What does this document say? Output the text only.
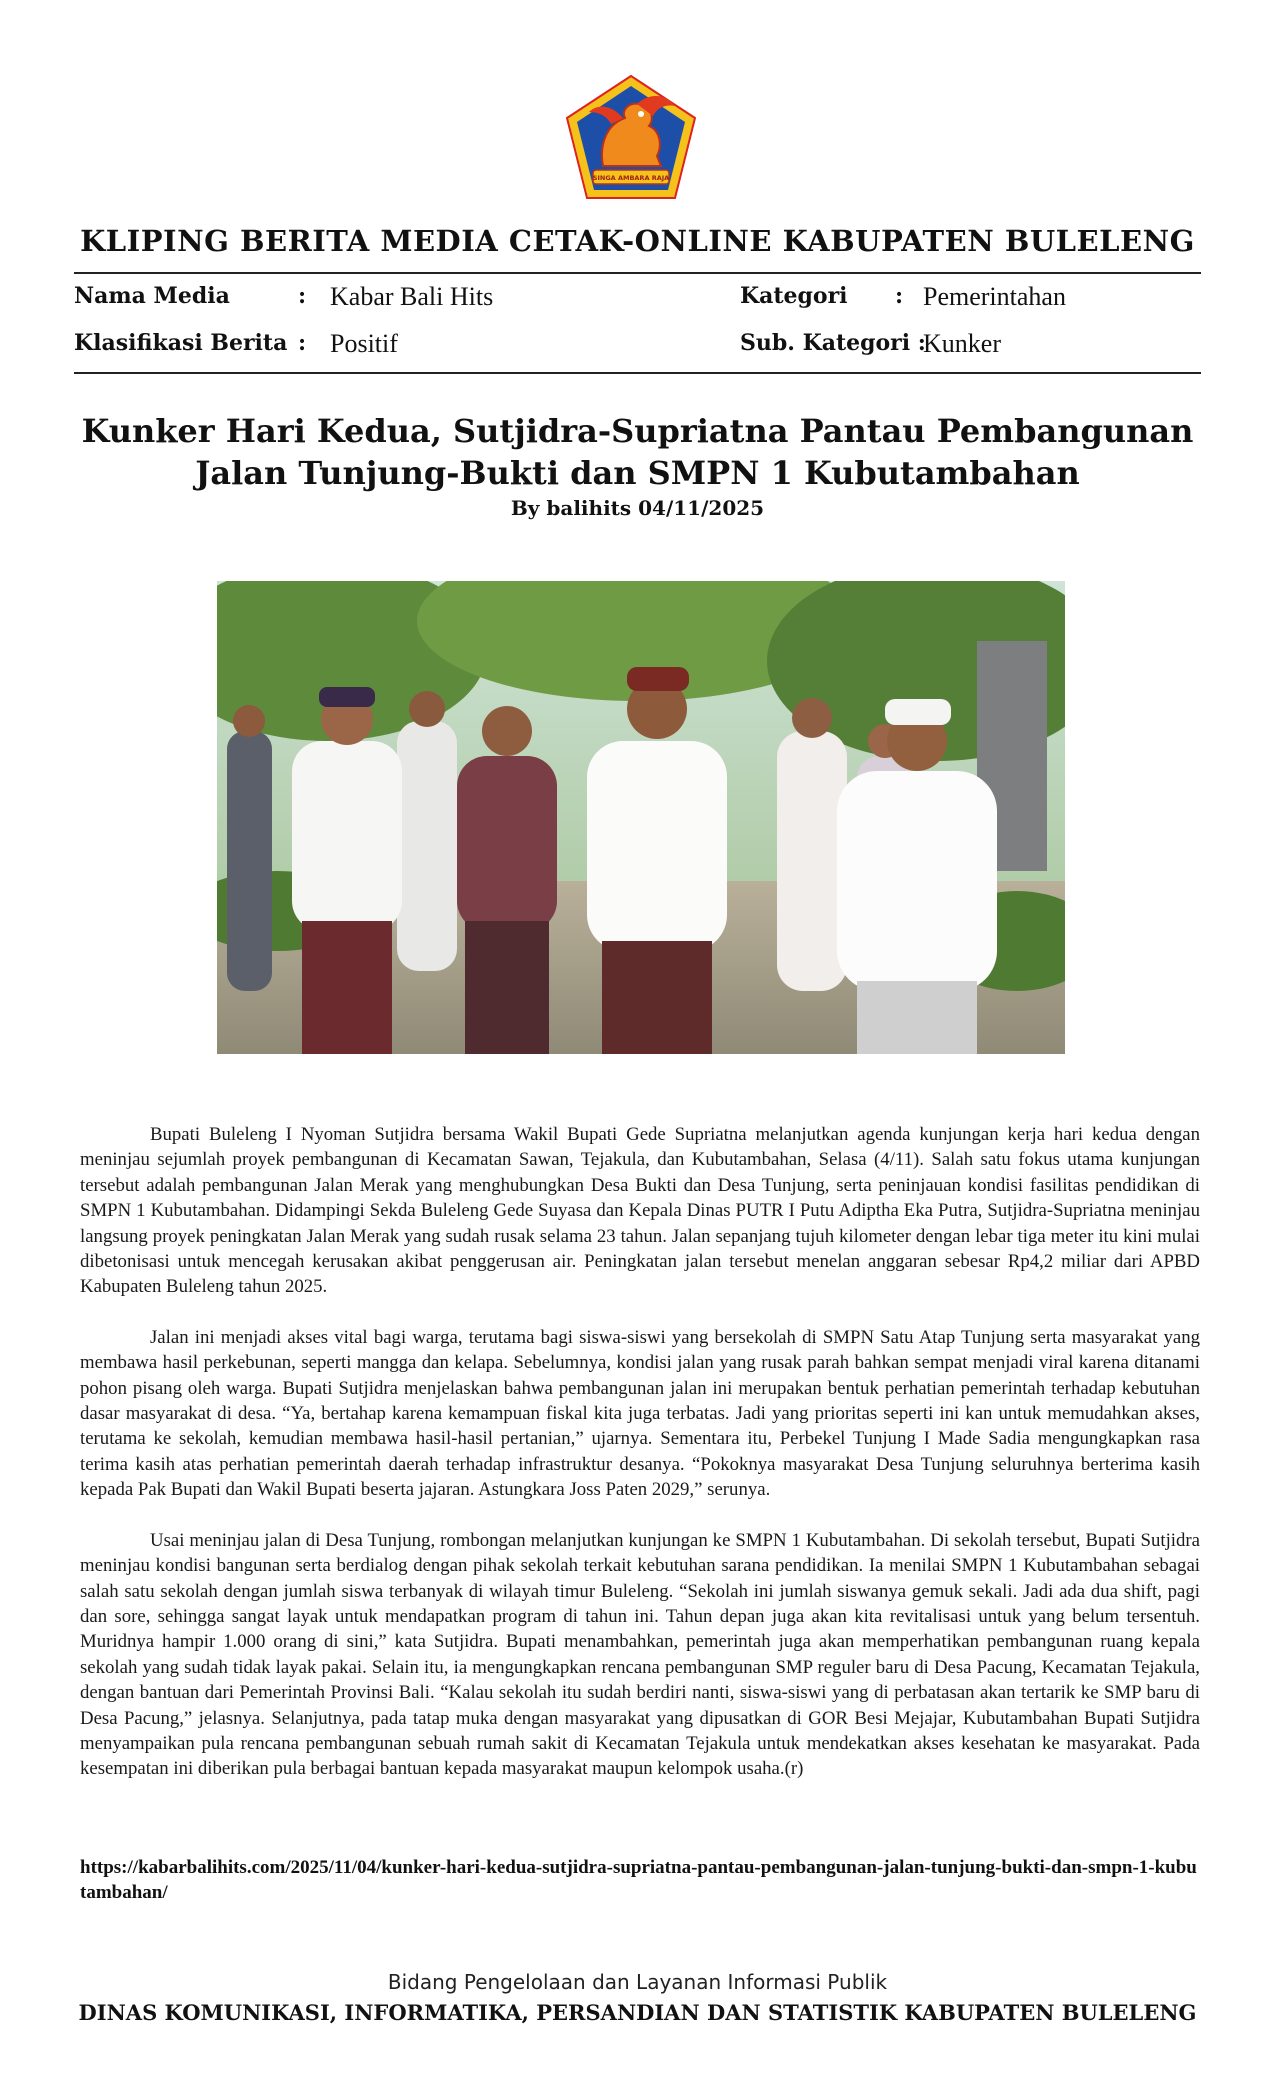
SINGA AMBARA RAJA
KLIPING BERITA MEDIA CETAK-ONLINE KABUPATEN BULELENG
Nama Media	: Kabar Bali Hits
Klasifikasi Berita : Positif
Kategori : Pemerintahan
Sub. Kategori :
Kunker
Kunker Hari Kedua, Sutjidra-Supriatna Pantau Pembangunan
Jalan Tunjung-Bukti dan SMPN 1 Kubutambahan
By balihits 04/11/2025

Bupati Buleleng I Nyoman Sutjidra bersama Wakil Bupati Gede Supriatna melanjutkan agenda kunjungan kerja hari kedua dengan meninjau sejumlah proyek pembangunan di Kecamatan Sawan, Tejakula, dan Kubutambahan, Selasa (4/11). Salah satu fokus utama kunjungan tersebut adalah pembangunan Jalan Merak yang menghubungkan Desa Bukti dan Desa Tunjung, serta peninjauan kondisi fasilitas pendidikan di SMPN 1 Kubutambahan. Didampingi Sekda Buleleng Gede Suyasa dan Kepala Dinas PUTR I Putu Adiptha Eka Putra, Sutjidra-Supriatna meninjau langsung proyek peningkatan Jalan Merak yang sudah rusak selama 23 tahun. Jalan sepanjang tujuh kilometer dengan lebar tiga meter itu kini mulai dibetonisasi untuk mencegah kerusakan akibat penggerusan air. Peningkatan jalan tersebut menelan anggaran sebesar Rp4,2 miliar dari APBD Kabupaten Buleleng tahun 2025.

Jalan ini menjadi akses vital bagi warga, terutama bagi siswa-siswi yang bersekolah di SMPN Satu Atap Tunjung serta masyarakat yang membawa hasil perkebunan, seperti mangga dan kelapa. Sebelumnya, kondisi jalan yang rusak parah bahkan sempat menjadi viral karena ditanami pohon pisang oleh warga. Bupati Sutjidra menjelaskan bahwa pembangunan jalan ini merupakan bentuk perhatian pemerintah terhadap kebutuhan dasar masyarakat di desa. “Ya, bertahap karena kemampuan fiskal kita juga terbatas. Jadi yang prioritas seperti ini kan untuk memudahkan akses, terutama ke sekolah, kemudian membawa hasil-hasil pertanian,” ujarnya. Sementara itu, Perbekel Tunjung I Made Sadia mengungkapkan rasa terima kasih atas perhatian pemerintah daerah terhadap infrastruktur desanya. “Pokoknya masyarakat Desa Tunjung seluruhnya berterima kasih kepada Pak Bupati dan Wakil Bupati beserta jajaran. Astungkara Joss Paten 2029,” serunya.

Usai meninjau jalan di Desa Tunjung, rombongan melanjutkan kunjungan ke SMPN 1 Kubutambahan. Di sekolah tersebut, Bupati Sutjidra meninjau kondisi bangunan serta berdialog dengan pihak sekolah terkait kebutuhan sarana pendidikan. Ia menilai SMPN 1 Kubutambahan sebagai salah satu sekolah dengan jumlah siswa terbanyak di wilayah timur Buleleng. “Sekolah ini jumlah siswanya gemuk sekali. Jadi ada dua shift, pagi dan sore, sehingga sangat layak untuk mendapatkan program di tahun ini. Tahun depan juga akan kita revitalisasi untuk yang belum tersentuh. Muridnya hampir 1.000 orang di sini,” kata Sutjidra. Bupati menambahkan, pemerintah juga akan memperhatikan pembangunan ruang kepala sekolah yang sudah tidak layak pakai. Selain itu, ia mengungkapkan rencana pembangunan SMP reguler baru di Desa Pacung, Kecamatan Tejakula, dengan bantuan dari Pemerintah Provinsi Bali. “Kalau sekolah itu sudah berdiri nanti, siswa-siswi yang di perbatasan akan tertarik ke SMP baru di Desa Pacung,” jelasnya. Selanjutnya, pada tatap muka dengan masyarakat yang dipusatkan di GOR Besi Mejajar, Kubutambahan Bupati Sutjidra menyampaikan pula rencana pembangunan sebuah rumah sakit di Kecamatan Tejakula untuk mendekatkan akses kesehatan ke masyarakat. Pada kesempatan ini diberikan pula berbagai bantuan kepada masyarakat maupun kelompok usaha.(r)

https://kabarbalihits.com/2025/11/04/kunker-hari-kedua-sutjidra-supriatna-pantau-pembangunan-jalan-tunjung-bukti-dan-smpn-1-kubutambahan/
Bidang Pengelolaan dan Layanan Informasi Publik
DINAS KOMUNIKASI, INFORMATIKA, PERSANDIAN DAN STATISTIK KABUPATEN BULELENG
